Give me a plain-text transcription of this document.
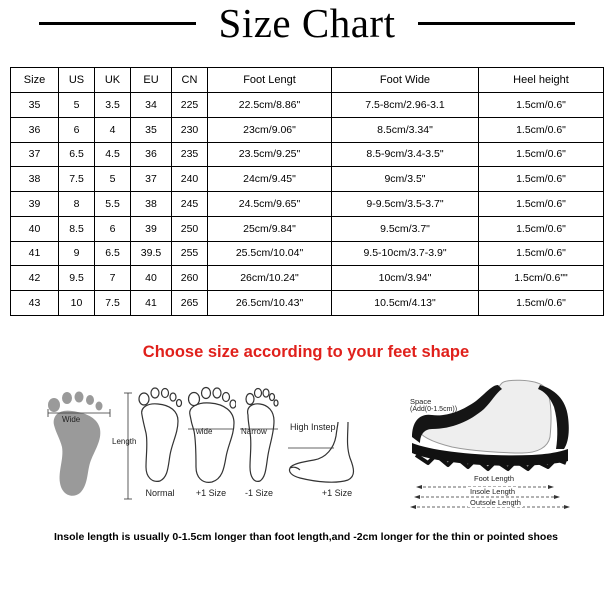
Size Chart
Size	US	UK	EU	CN	Foot Lengt	Foot Wide	Heel height
35	5	3.5	34	225	22.5cm/8.86"	7.5-8cm/2.96-3.1	1.5cm/0.6"
36	6	4	35	230	23cm/9.06"	8.5cm/3.34"	1.5cm/0.6"
37	6.5	4.5	36	235	23.5cm/9.25"	8.5-9cm/3.4-3.5"	1.5cm/0.6"
38	7.5	5	37	240	24cm/9.45"	9cm/3.5"	1.5cm/0.6"
39	8	5.5	38	245	24.5cm/9.65"	9-9.5cm/3.5-3.7"	1.5cm/0.6"
40	8.5	6	39	250	25cm/9.84"	9.5cm/3.7"	1.5cm/0.6"
41	9	6.5	39.5	255	25.5cm/10.04"	9.5-10cm/3.7-3.9"	1.5cm/0.6"
42	9.5	7	40	260	26cm/10.24"	10cm/3.94"	1.5cm/0.6""
43	10	7.5	41	265	26.5cm/10.43"	10.5cm/4.13"	1.5cm/0.6"
Choose size according to your feet shape
Wide
Length
Normal
wide
+1 Size
Narrow
-1 Size
High Instep
+1 Size
Space
(Add(0-1.5cm))
Foot Length
Insole Length
Outsole Length
Insole length is usually 0-1.5cm longer than foot length,and -2cm longer for the thin or pointed shoes
